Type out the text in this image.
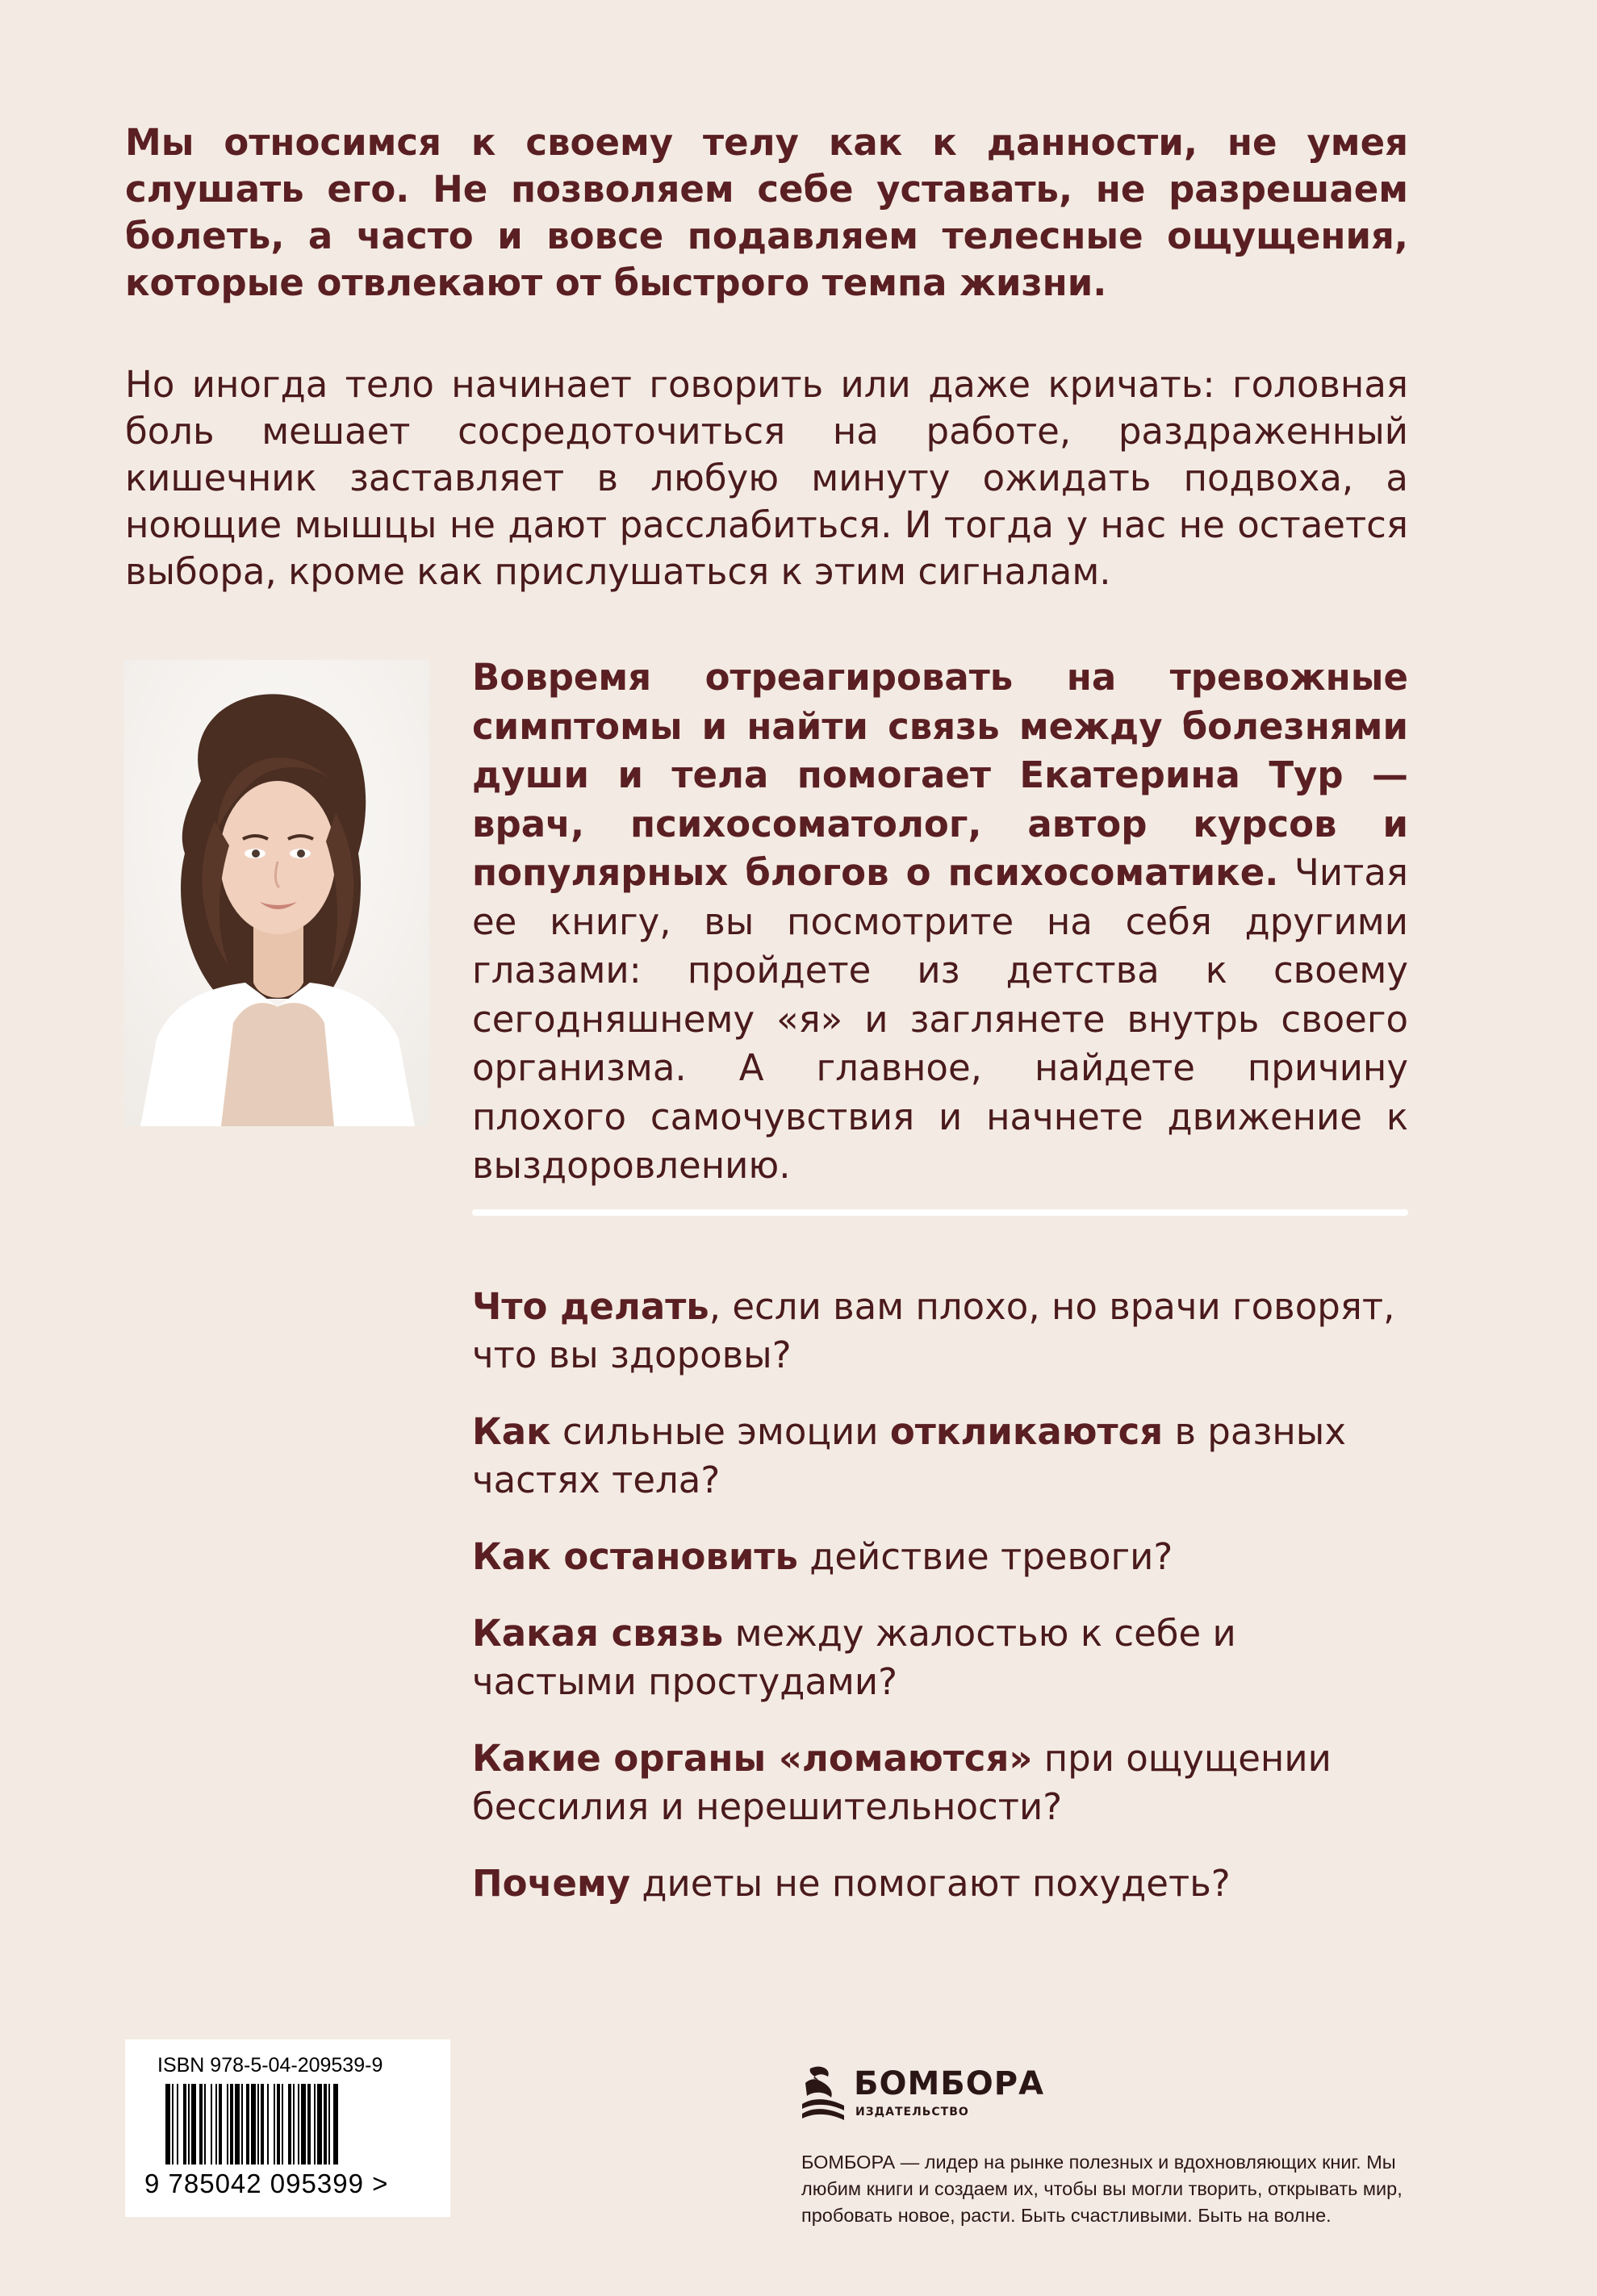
Мы относимся к своему телу как к данности, не умея слушать его. Не позволяем себе уставать, не разрешаем болеть, а часто и вовсе подавляем телесные ощущения, которые отвлекают от быстрого темпа жизни.

Но иногда тело начинает говорить или даже кричать: головная боль мешает сосредоточиться на работе, раздраженный кишечник заставляет в любую минуту ожидать подвоха, а ноющие мышцы не дают расслабиться. И тогда у нас не остается выбора, кроме как прислушаться к этим сигналам.

Вовремя отреагировать на тревожные симптомы и найти связь между болезнями души и тела помогает Екатерина Тур — врач, психосоматолог, автор курсов и популярных блогов о психосоматике. Читая ее книгу, вы посмотрите на себя другими глазами: пройдете из детства к своему сегодняшнему «я» и заглянете внутрь своего организма. А главное, найдете причину плохого самочувствия и начнете движение к выздоровлению.

Что делать, если вам плохо, но врачи говорят, что вы здоровы?
Как сильные эмоции откликаются в разных частях тела?
Как остановить действие тревоги?
Какая связь между жалостью к себе и частыми простудами?
Какие органы «ломаются» при ощущении бессилия и нерешительности?
Почему диеты не помогают похудеть?
ISBN 978-5-04-209539-9
9 785042 095399 >
БОМБОРА
ИЗДАТЕЛЬСТВО

БОМБОРА — лидер на рынке полезных и вдохновляющих книг. Мы любим книги и создаем их, чтобы вы могли творить, открывать мир, пробовать новое, расти. Быть счастливыми. Быть на волне.
